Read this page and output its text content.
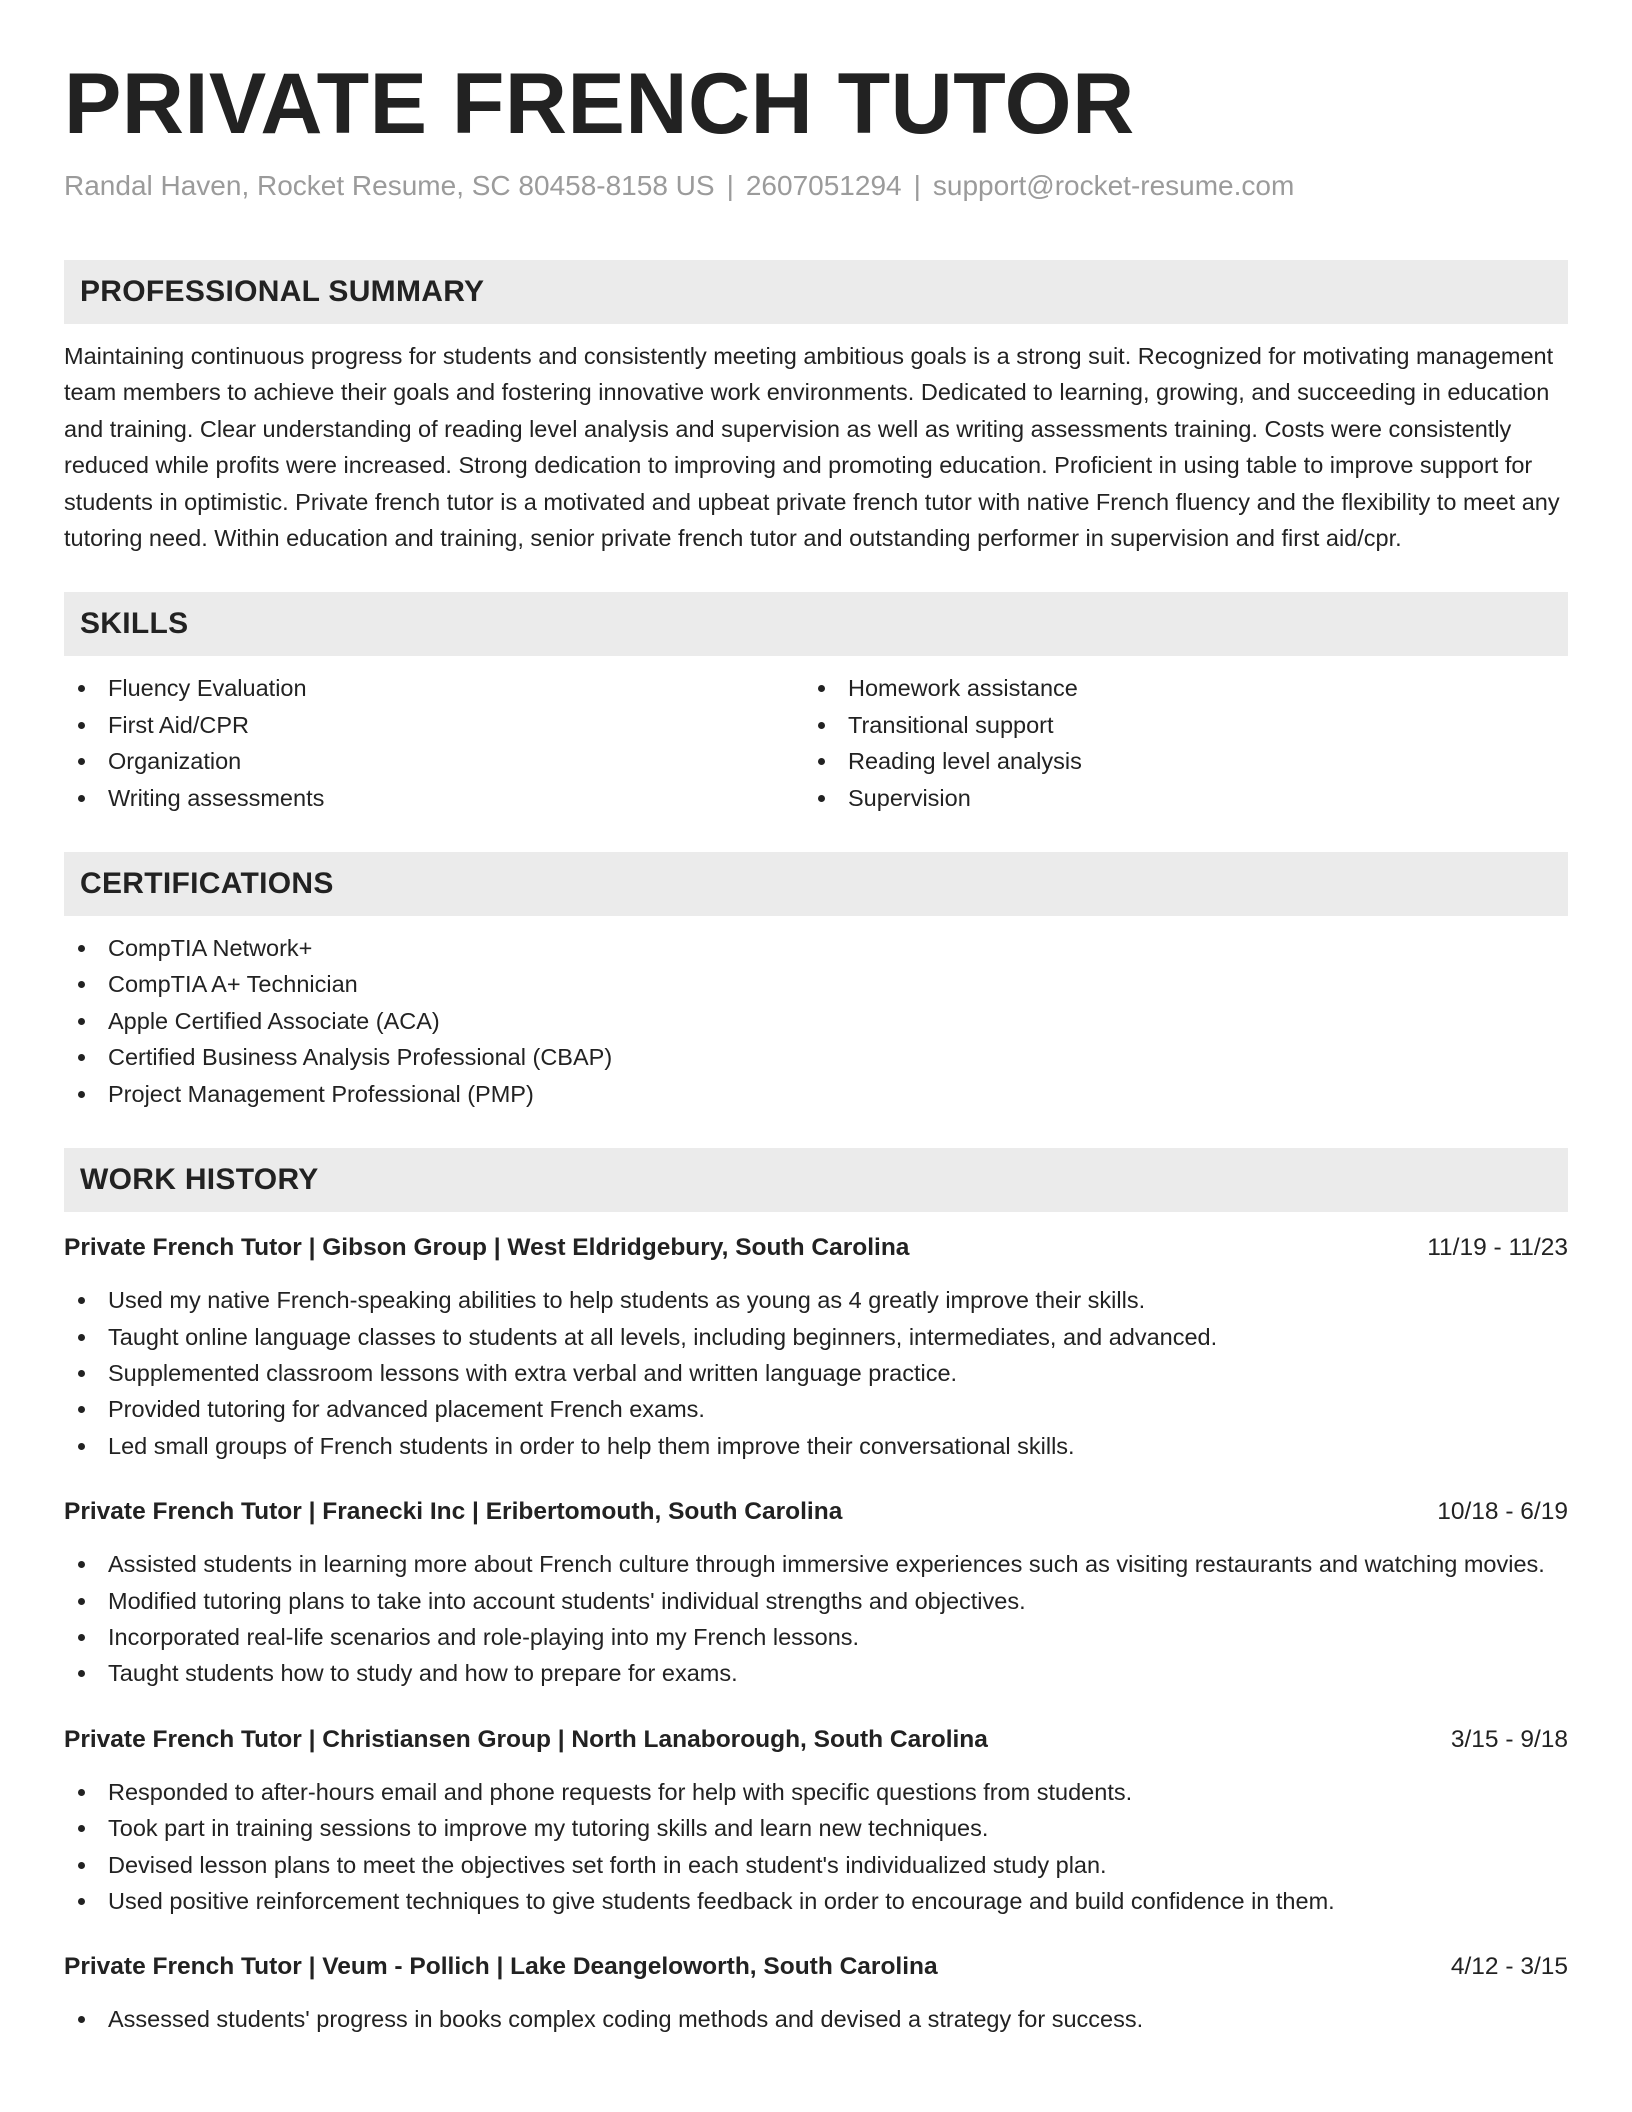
PRIVATE FRENCH TUTOR
Randal Haven, Rocket Resume, SC 80458-8158 US | 2607051294 | support@rocket-resume.com
PROFESSIONAL SUMMARY

Maintaining continuous progress for students and consistently meeting ambitious goals is a strong suit. Recognized for motivating management team members to achieve their goals and fostering innovative work environments. Dedicated to learning, growing, and succeeding in education and training. Clear understanding of reading level analysis and supervision as well as writing assessments training. Costs were consistently reduced while profits were increased. Strong dedication to improving and promoting education. Proficient in using table to improve support for students in optimistic. Private french tutor is a motivated and upbeat private french tutor with native French fluency and the flexibility to meet any tutoring need. Within education and training, senior private french tutor and outstanding performer in supervision and first aid/cpr.

SKILLS
Fluency Evaluation
First Aid/CPR
Organization
Writing assessments
Homework assistance
Transitional support
Reading level analysis
Supervision
CERTIFICATIONS
CompTIA Network+
CompTIA A+ Technician
Apple Certified Associate (ACA)
Certified Business Analysis Professional (CBAP)
Project Management Professional (PMP)
WORK HISTORY
Private French Tutor | Gibson Group | West Eldridgebury, South Carolina	11/19 - 11/23
Used my native French-speaking abilities to help students as young as 4 greatly improve their skills.
Taught online language classes to students at all levels, including beginners, intermediates, and advanced.
Supplemented classroom lessons with extra verbal and written language practice.
Provided tutoring for advanced placement French exams.
Led small groups of French students in order to help them improve their conversational skills.
Private French Tutor | Franecki Inc | Eribertomouth, South Carolina	10/18 - 6/19
Assisted students in learning more about French culture through immersive experiences such as visiting restaurants and watching movies.
Modified tutoring plans to take into account students' individual strengths and objectives.
Incorporated real-life scenarios and role-playing into my French lessons.
Taught students how to study and how to prepare for exams.
Private French Tutor | Christiansen Group | North Lanaborough, South Carolina	3/15 - 9/18
Responded to after-hours email and phone requests for help with specific questions from students.
Took part in training sessions to improve my tutoring skills and learn new techniques.
Devised lesson plans to meet the objectives set forth in each student's individualized study plan.
Used positive reinforcement techniques to give students feedback in order to encourage and build confidence in them.
Private French Tutor | Veum - Pollich | Lake Deangeloworth, South Carolina	4/12 - 3/15
Assessed students' progress in books complex coding methods and devised a strategy for success.
